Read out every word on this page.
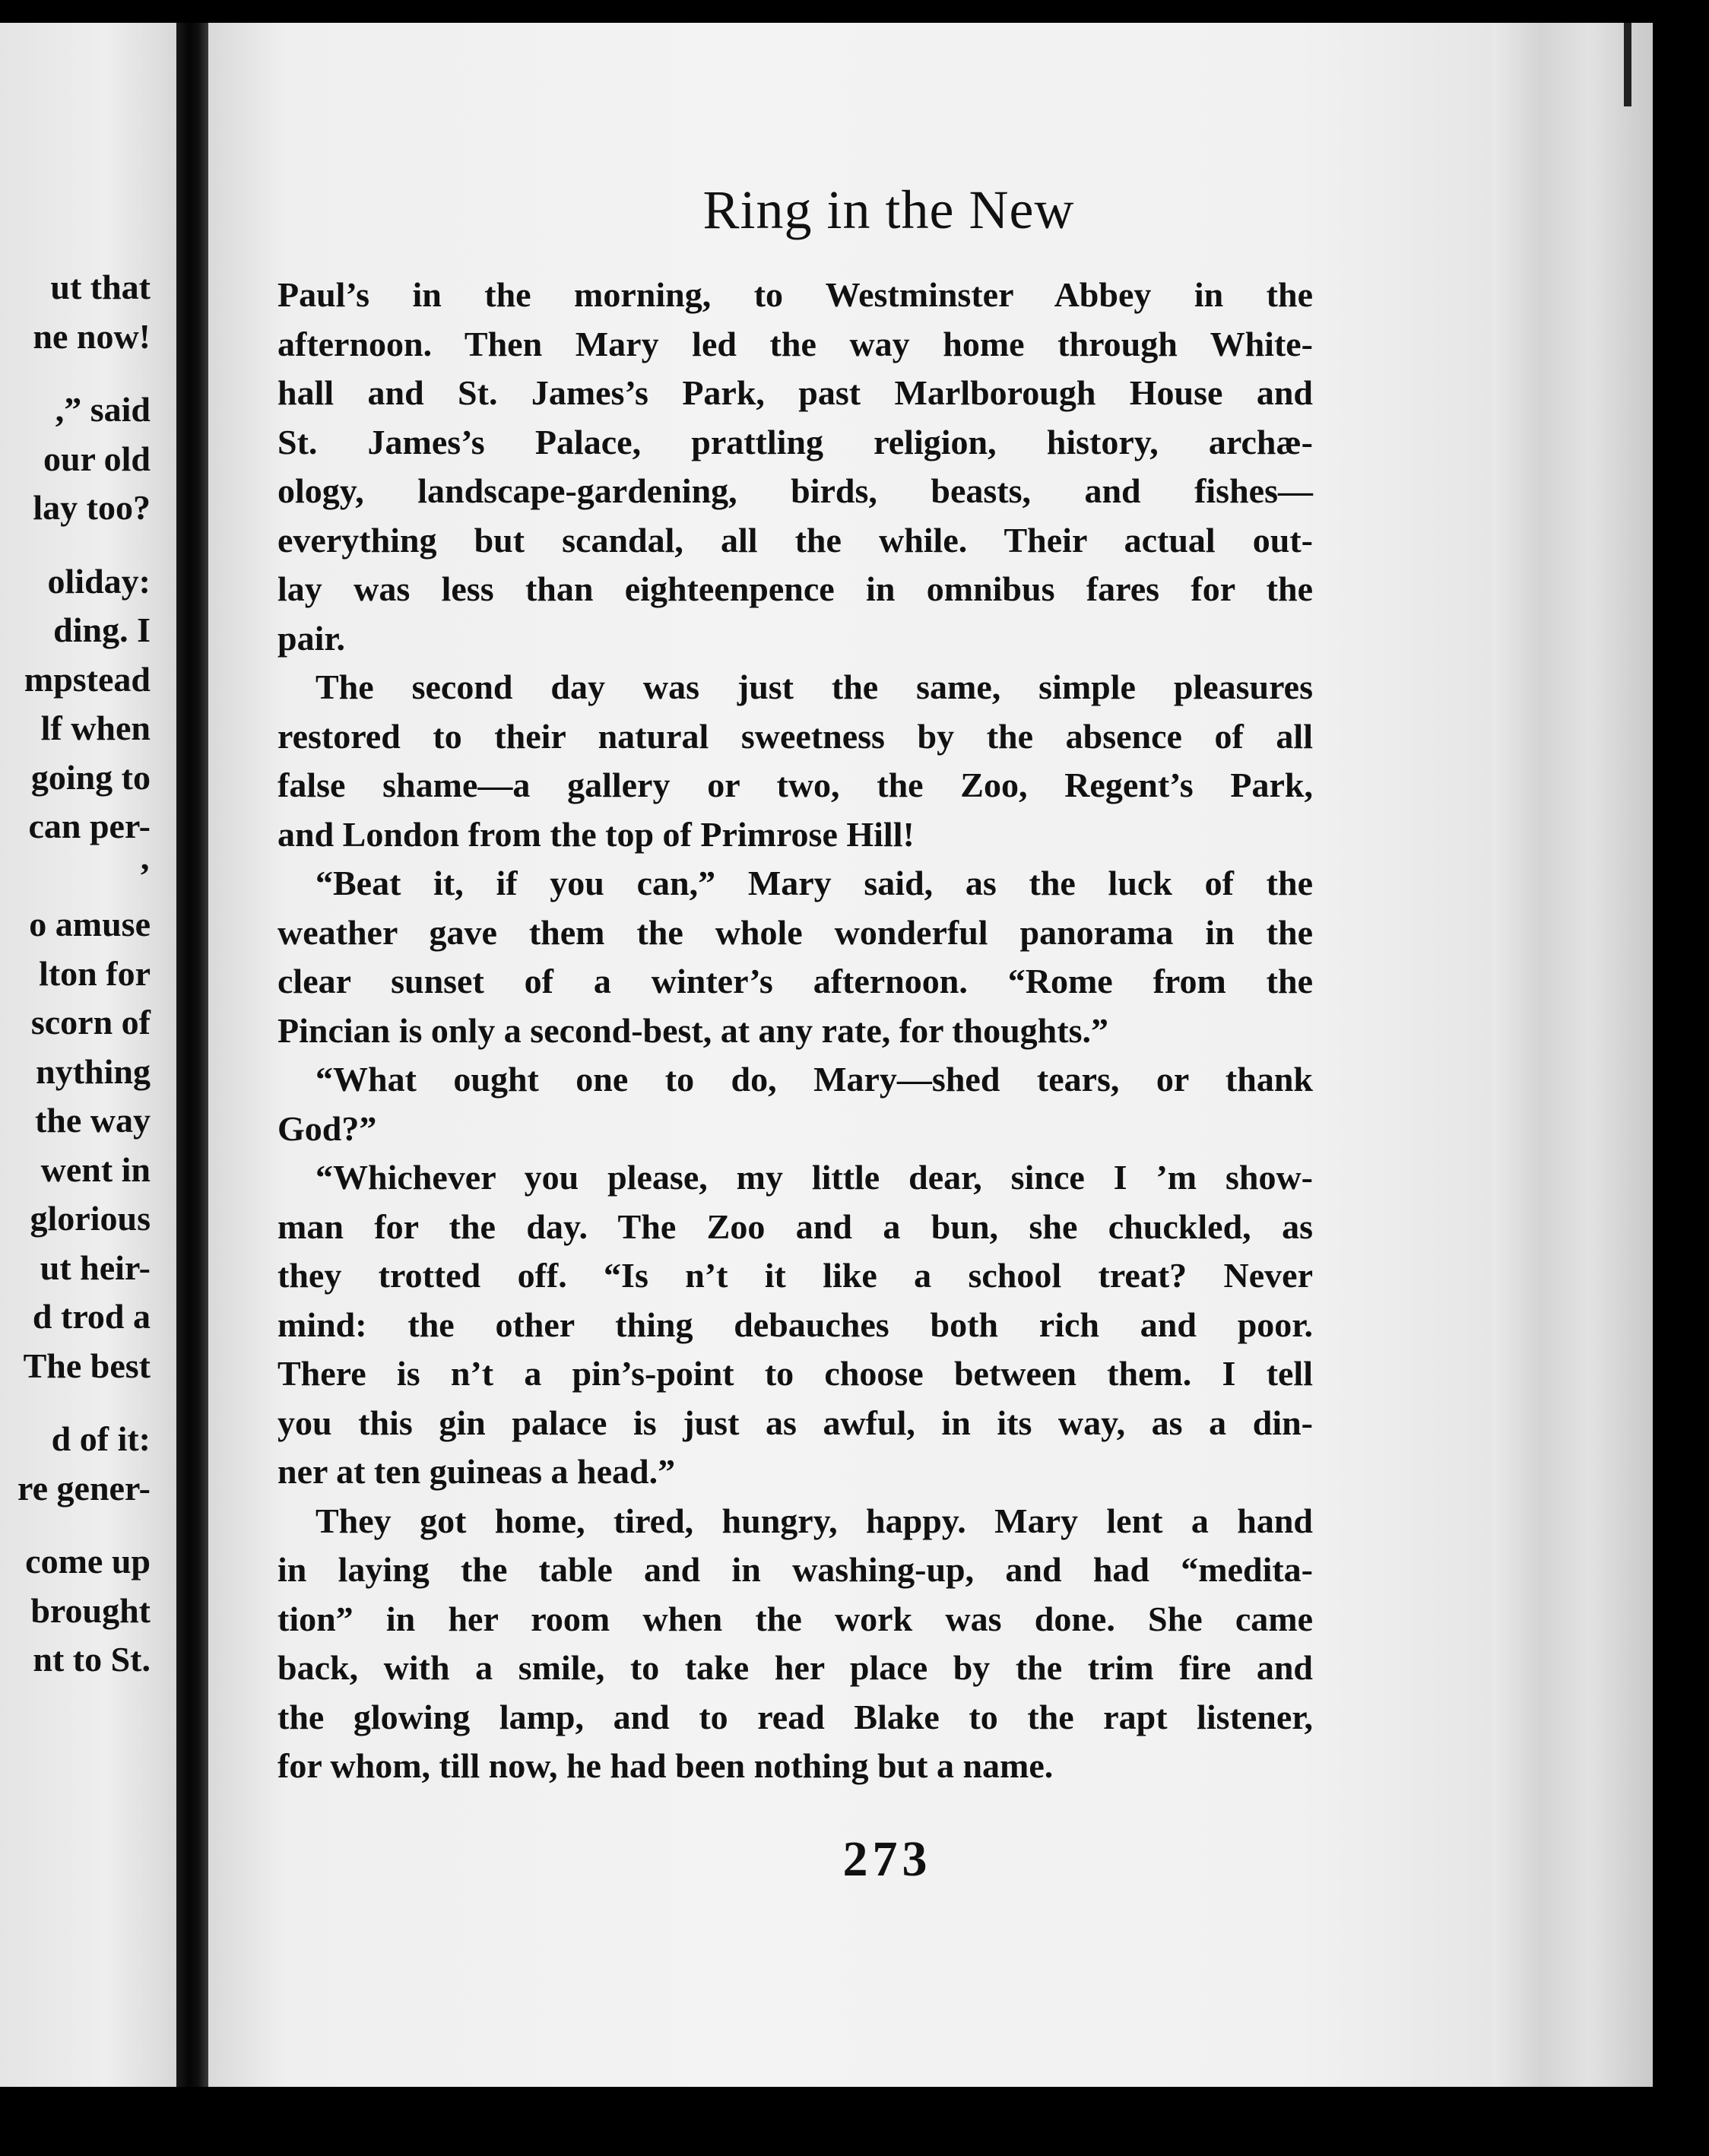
ut that
ne now!
,” said
our old
lay too?
oliday:
ding. I
mpstead
lf when
going to
can per-
’
o amuse
lton for
scorn of
nything
the way
went in
glorious
ut heir-
d trod a
The best
d of it:
re gener-
come up
brought
nt to St.
Ring in the New
Paul’s in the morning, to Westminster Abbey in the
afternoon. Then Mary led the way home through White-
hall and St. James’s Park, past Marlborough House and
St. James’s Palace, prattling religion, history, archæ-
ology, landscape-gardening, birds, beasts, and fishes—
everything but scandal, all the while. Their actual out-
lay was less than eighteenpence in omnibus fares for the
pair.
The second day was just the same, simple pleasures
restored to their natural sweetness by the absence of all
false shame—a gallery or two, the Zoo, Regent’s Park,
and London from the top of Primrose Hill!
“Beat it, if you can,” Mary said, as the luck of the
weather gave them the whole wonderful panorama in the
clear sunset of a winter’s afternoon. “Rome from the
Pincian is only a second-best, at any rate, for thoughts.”
“What ought one to do, Mary—shed tears, or thank
God?”
“Whichever you please, my little dear, since I ’m show-
man for the day. The Zoo and a bun, she chuckled, as
they trotted off. “Is n’t it like a school treat? Never
mind: the other thing debauches both rich and poor.
There is n’t a pin’s-point to choose between them. I tell
you this gin palace is just as awful, in its way, as a din-
ner at ten guineas a head.”
They got home, tired, hungry, happy. Mary lent a hand
in laying the table and in washing-up, and had “medita-
tion” in her room when the work was done. She came
back, with a smile, to take her place by the trim fire and
the glowing lamp, and to read Blake to the rapt listener,
for whom, till now, he had been nothing but a name.
273
